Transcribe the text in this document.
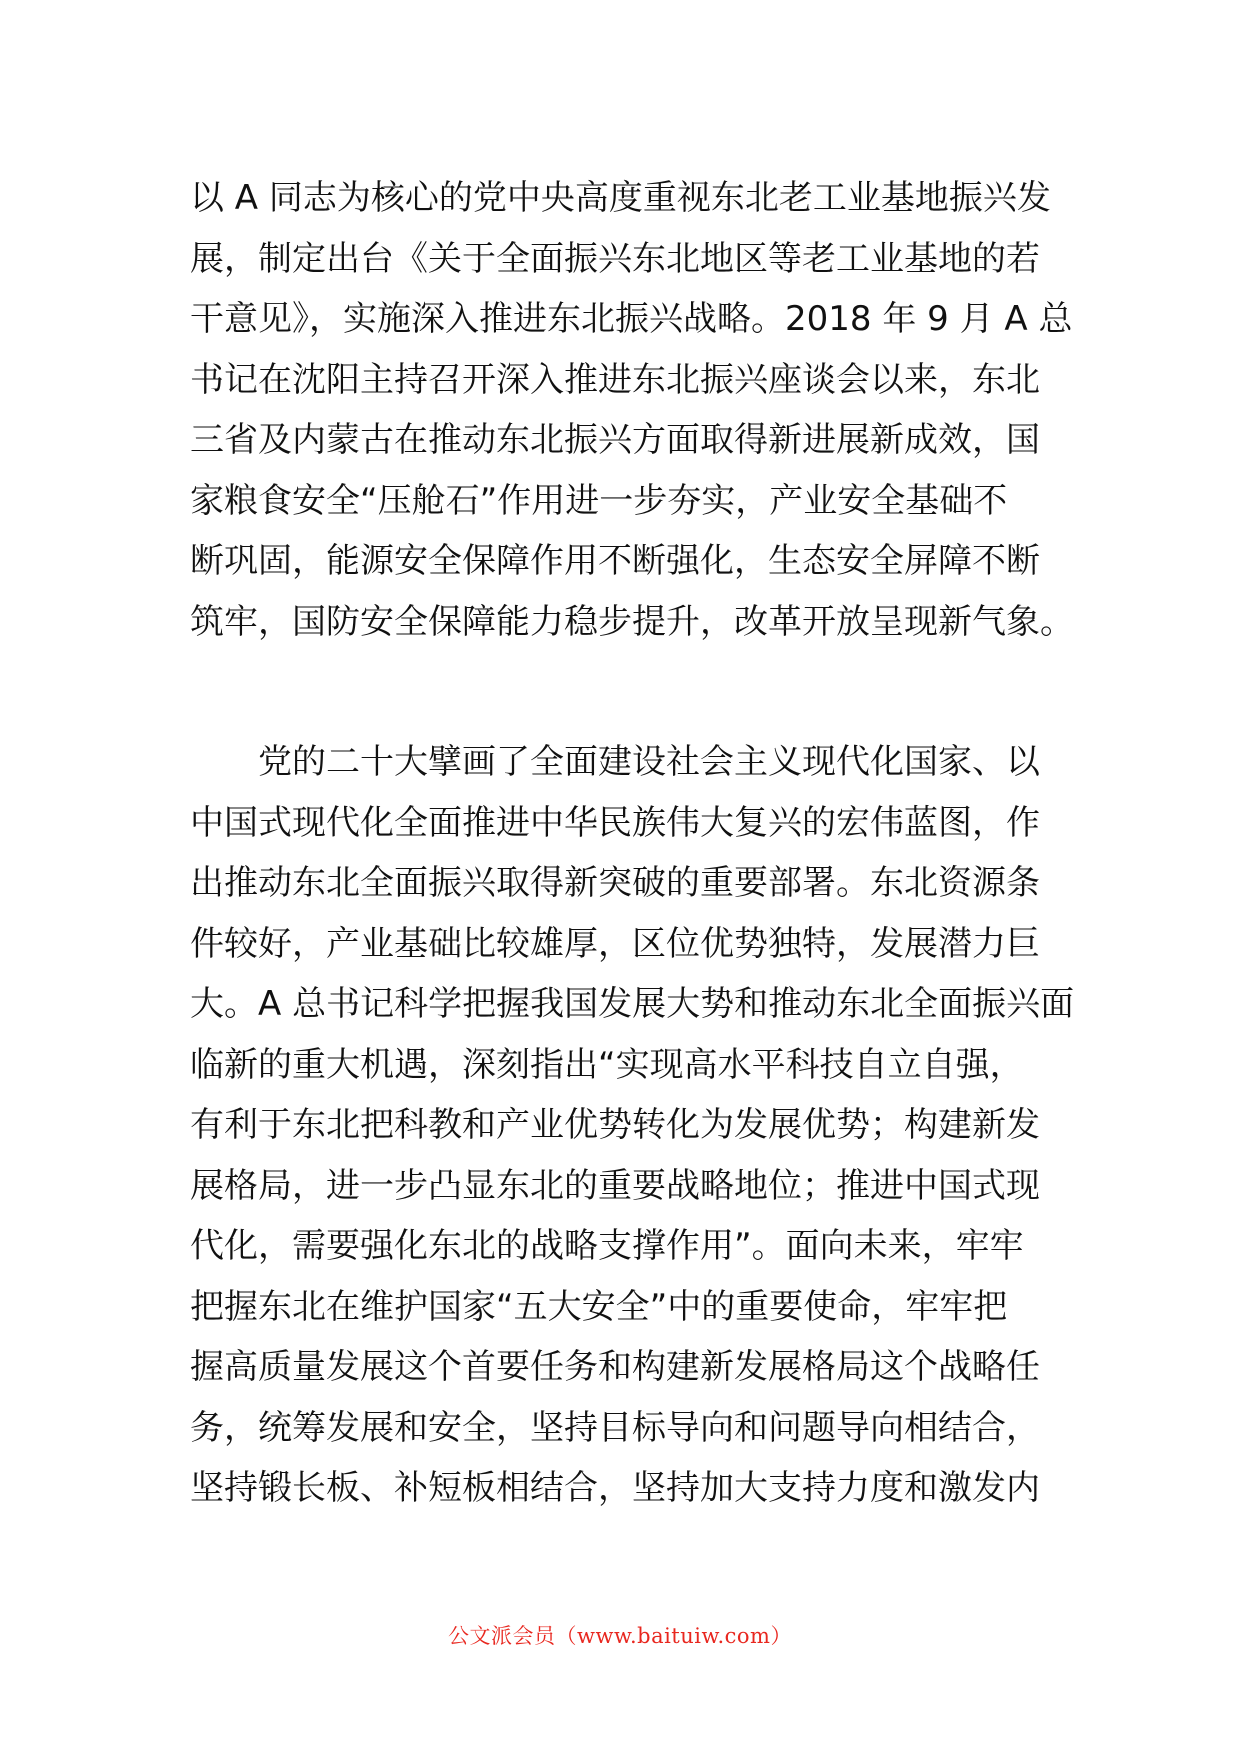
以 A 同志为核心的党中央高度重视东北老工业基地振兴发
展，制定出台《关于全面振兴东北地区等老工业基地的若
干意见》，实施深入推进东北振兴战略。2018 年 9 月 A 总
书记在沈阳主持召开深入推进东北振兴座谈会以来，东北
三省及内蒙古在推动东北振兴方面取得新进展新成效，国
家粮食安全“压舱石”作用进一步夯实，产业安全基础不
断巩固，能源安全保障作用不断强化，生态安全屏障不断
筑牢，国防安全保障能力稳步提升，改革开放呈现新气象。
党的二十大擘画了全面建设社会主义现代化国家、以
中国式现代化全面推进中华民族伟大复兴的宏伟蓝图，作
出推动东北全面振兴取得新突破的重要部署。东北资源条
件较好，产业基础比较雄厚，区位优势独特，发展潜力巨
大。A 总书记科学把握我国发展大势和推动东北全面振兴面
临新的重大机遇，深刻指出“实现高水平科技自立自强，
有利于东北把科教和产业优势转化为发展优势；构建新发
展格局，进一步凸显东北的重要战略地位；推进中国式现
代化，需要强化东北的战略支撑作用”。面向未来，牢牢
把握东北在维护国家“五大安全”中的重要使命，牢牢把
握高质量发展这个首要任务和构建新发展格局这个战略任
务，统筹发展和安全，坚持目标导向和问题导向相结合，
坚持锻长板、补短板相结合，坚持加大支持力度和激发内
公文派会员（www.baituiw.com）
